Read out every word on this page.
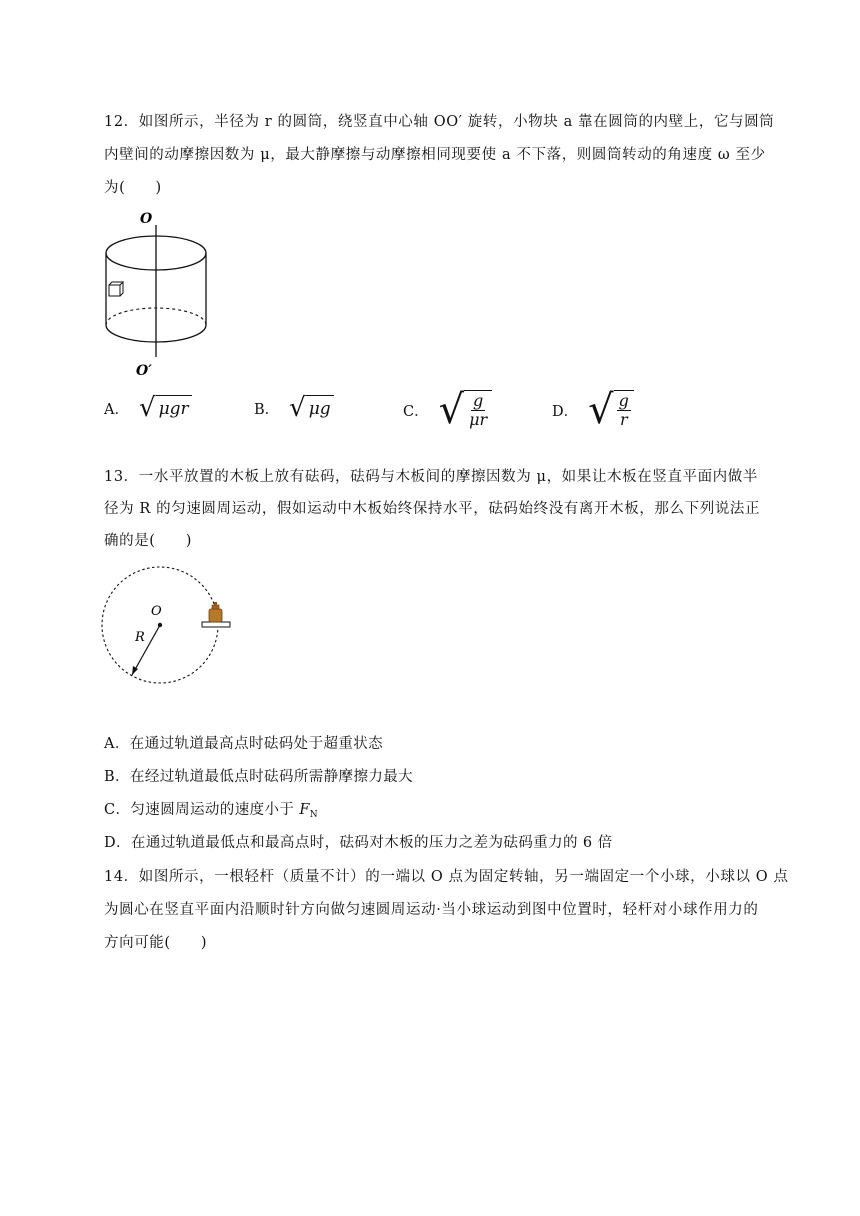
12．如图所示，半径为 r 的圆筒，绕竖直中心轴 OO′ 旋转，小物块 a 靠在圆筒的内壁上，它与圆筒
内壁间的动摩擦因数为 μ，最大静摩擦与动摩擦相同现要使 a 不下落，则圆筒转动的角速度 ω 至少
为(　　)
O
O′
A． √ μgr	B． √ μg	C． √ $\frac{g}{\mu r}$	D． √ $\frac{g}{r}$
13．一水平放置的木板上放有砝码，砝码与木板间的摩擦因数为 μ，如果让木板在竖直平面内做半
径为 R 的匀速圆周运动，假如运动中木板始终保持水平，砝码始终没有离开木板，那么下列说法正
确的是(　　)
O
R
A．在通过轨道最高点时砝码处于超重状态
B．在经过轨道最低点时砝码所需静摩擦力最大
C．匀速圆周运动的速度小于 $F_N$
D．在通过轨道最低点和最高点时，砝码对木板的压力之差为砝码重力的 6 倍
14．如图所示，一根轻杆（质量不计）的一端以 O 点为固定转轴，另一端固定一个小球，小球以 O 点
为圆心在竖直平面内沿顺时针方向做匀速圆周运动·当小球运动到图中位置时，轻杆对小球作用力的
方向可能(　　)
